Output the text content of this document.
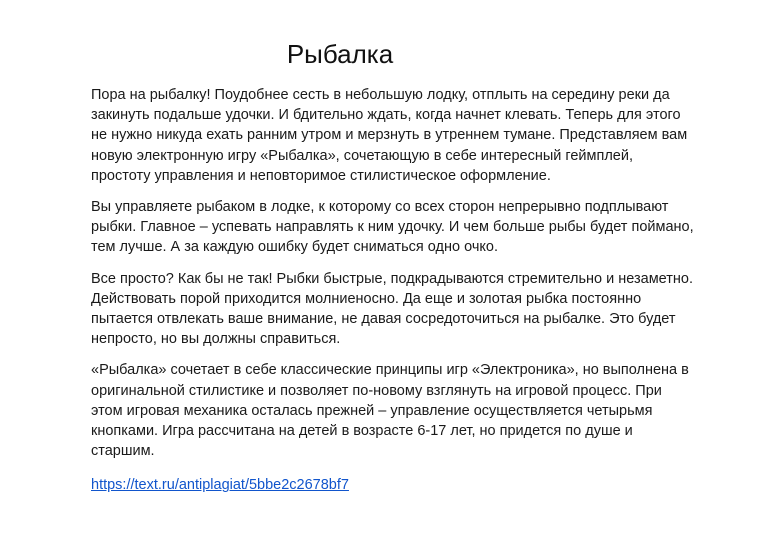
Рыбалка

Пора на рыбалку! Поудобнее сесть в небольшую лодку, отплыть на середину реки да закинуть подальше удочки. И бдительно ждать, когда начнет клевать. Теперь для этого не нужно никуда ехать ранним утром и мерзнуть в утреннем тумане. Представляем вам новую электронную игру «Рыбалка», сочетающую в себе интересный геймплей, простоту управления и неповторимое стилистическое оформление.

Вы управляете рыбаком в лодке, к которому со всех сторон непрерывно подплывают рыбки. Главное – успевать направлять к ним удочку. И чем больше рыбы будет поймано, тем лучше. А за каждую ошибку будет сниматься одно очко.

Все просто? Как бы не так! Рыбки быстрые, подкрадываются стремительно и незаметно. Действовать порой приходится молниеносно. Да еще и золотая рыбка постоянно пытается отвлекать ваше внимание, не давая сосредоточиться на рыбалке. Это будет непросто, но вы должны справиться.

«Рыбалка» сочетает в себе классические принципы игр «Электроника», но выполнена в оригинальной стилистике и позволяет по-новому взглянуть на игровой процесс. При этом игровая механика осталась прежней – управление осуществляется четырьмя кнопками. Игра рассчитана на детей в возрасте 6-17 лет, но придется по душе и старшим.

https://text.ru/antiplagiat/5bbe2c2678bf7
